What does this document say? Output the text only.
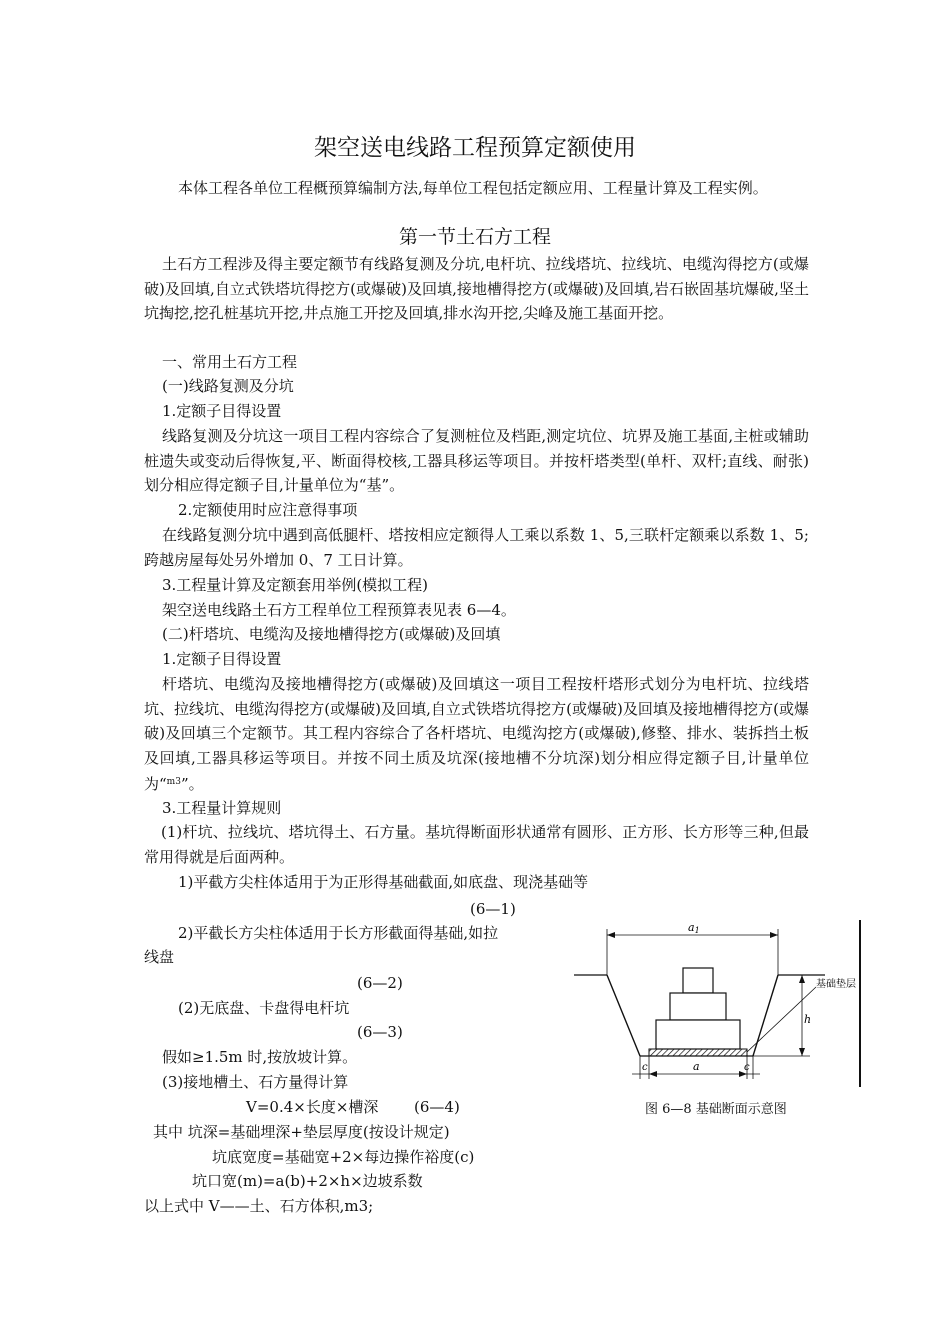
架空送电线路工程预算定额使用
本体工程各单位工程概预算编制方法,每单位工程包括定额应用、工程量计算及工程实例。
第一节土石方工程
土石方工程涉及得主要定额节有线路复测及分坑,电杆坑、拉线塔坑、拉线坑、电缆沟得挖方(或爆破)及回填,自立式铁塔坑得挖方(或爆破)及回填,接地槽得挖方(或爆破)及回填,岩石嵌固基坑爆破,坚土坑掏挖,挖孔桩基坑开挖,井点施工开挖及回填,排水沟开挖,尖峰及施工基面开挖。
一、常用土石方工程
(一)线路复测及分坑
1.定额子目得设置
线路复测及分坑这一项目工程内容综合了复测桩位及档距,测定坑位、坑界及施工基面,主桩或辅助桩遗失或变动后得恢复,平、断面得校核,工器具移运等项目。并按杆塔类型(单杆、双杆;直线、耐张)划分相应得定额子目,计量单位为“基”。
2.定额使用时应注意得事项
在线路复测分坑中遇到高低腿杆、塔按相应定额得人工乘以系数 1、5,三联杆定额乘以系数 1、5;跨越房屋每处另外增加 0、7 工日计算。
3.工程量计算及定额套用举例(模拟工程)
架空送电线路土石方工程单位工程预算表见表 6—4。
(二)杆塔坑、电缆沟及接地槽得挖方(或爆破)及回填
1.定额子目得设置
杆塔坑、电缆沟及接地槽得挖方(或爆破)及回填这一项目工程按杆塔形式划分为电杆坑、拉线塔坑、拉线坑、电缆沟得挖方(或爆破)及回填,自立式铁塔坑得挖方(或爆破)及回填及接地槽得挖方(或爆破)及回填三个定额节。其工程内容综合了各杆塔坑、电缆沟挖方(或爆破),修整、排水、装拆挡土板及回填,工器具移运等项目。并按不同土质及坑深(接地槽不分坑深)划分相应得定额子目,计量单位为“$^{m3}$”。
3.工程量计算规则
(1)杆坑、拉线坑、塔坑得土、石方量。基坑得断面形状通常有圆形、正方形、长方形等三种,但最常用得就是后面两种。
1)平截方尖柱体适用于为正形得基础截面,如底盘、现浇基础等
(6—1)
2)平截长方尖柱体适用于长方形截面得基础,如拉
线盘
(6—2)
(2)无底盘、卡盘得电杆坑
(6—3)
假如≥1.5m 时,按放坡计算。
(3)接地槽土、石方量得计算
V=0.4×长度×槽深 (6—4)
其中 坑深=基础埋深+垫层厚度(按设计规定)
坑底宽度=基础宽+2×每边操作裕度(c)
坑口宽(m)=a(b)+2×h×边坡系数
以上式中 V——土、石方体积,m3;
a1
h
基础垫层
c	a	c
图 6—8 基础断面示意图
